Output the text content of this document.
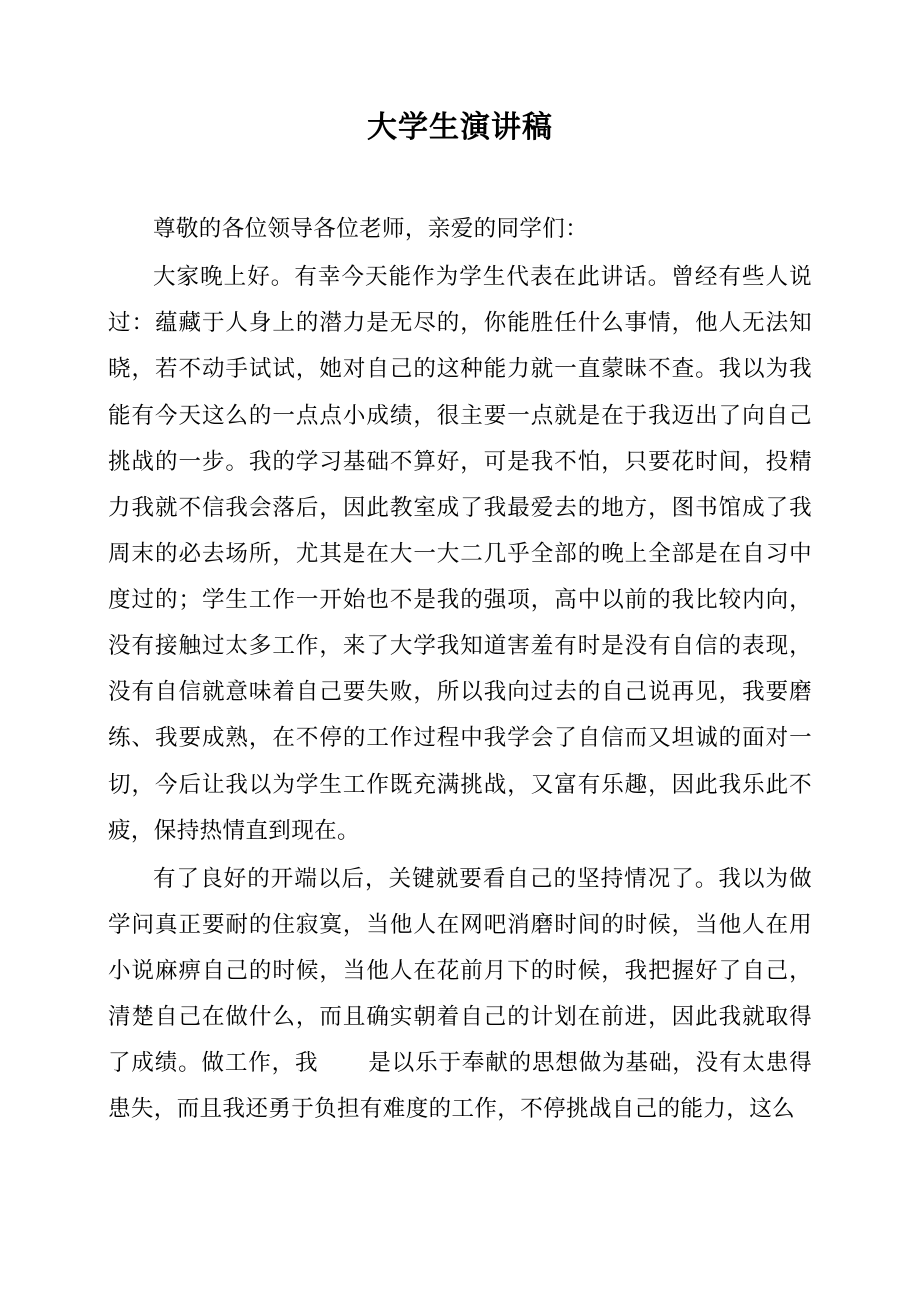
大学生演讲稿

尊敬的各位领导各位老师，亲爱的同学们：

大家晚上好。有幸今天能作为学生代表在此讲话。曾经有些人说过：蕴藏于人身上的潜力是无尽的，你能胜任什么事情，他人无法知晓，若不动手试试，她对自己的这种能力就一直蒙昧不查。我以为我能有今天这么的一点点小成绩，很主要一点就是在于我迈出了向自己挑战的一步。我的学习基础不算好，可是我不怕，只要花时间，投精力我就不信我会落后，因此教室成了我最爱去的地方，图书馆成了我周末的必去场所，尤其是在大一大二几乎全部的晚上全部是在自习中度过的；学生工作一开始也不是我的强项，高中以前的我比较内向，没有接触过太多工作，来了大学我知道害羞有时是没有自信的表现，没有自信就意味着自己要失败，所以我向过去的自己说再见，我要磨练、我要成熟，在不停的工作过程中我学会了自信而又坦诚的面对一切，今后让我以为学生工作既充满挑战，又富有乐趣，因此我乐此不疲，保持热情直到现在。

有了良好的开端以后，关键就要看自己的坚持情况了。我以为做学问真正要耐的住寂寞，当他人在网吧消磨时间的时候，当他人在用小说麻痹自己的时候，当他人在花前月下的时候，我把握好了自己，清楚自己在做什么，而且确实朝着自己的计划在前进，因此我就取得了成绩。做工作，我 是以乐于奉献的思想做为基础，没有太患得患失，而且我还勇于负担有难度的工作，不停挑战自己的能力，这么
